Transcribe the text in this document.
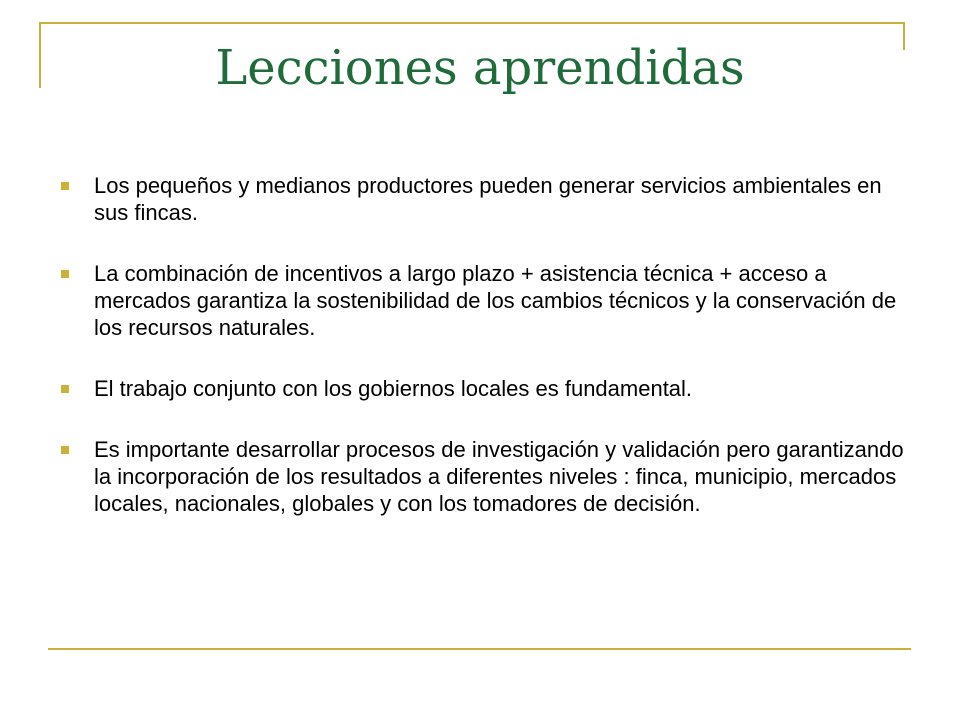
Lecciones aprendidas
Los pequeños y medianos productores pueden generar servicios ambientales en sus fincas.
La combinación de incentivos a largo plazo + asistencia técnica + acceso a mercados garantiza la sostenibilidad de los cambios técnicos y la conservación de los recursos naturales.
El trabajo conjunto con los gobiernos locales es fundamental.
Es importante desarrollar procesos de investigación y validación pero garantizando la incorporación de los resultados a diferentes niveles : finca, municipio, mercados locales, nacionales, globales y con los tomadores de decisión.
